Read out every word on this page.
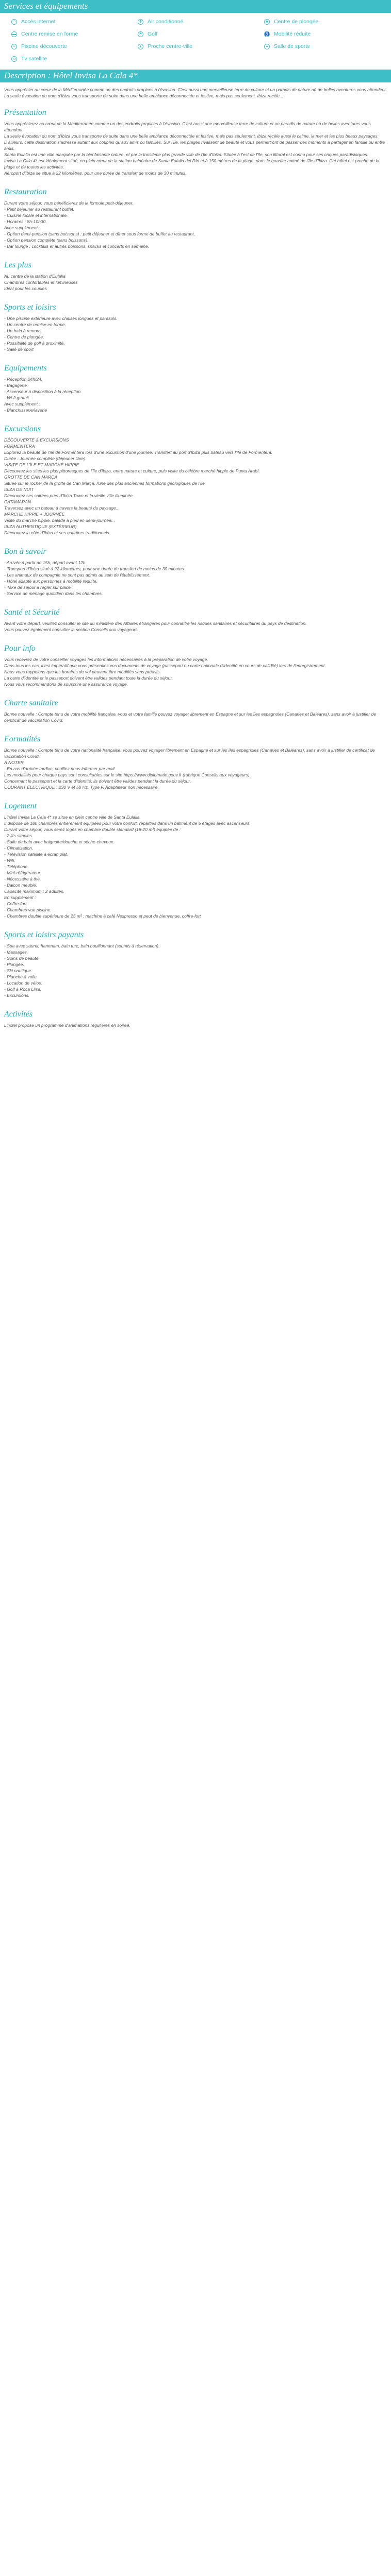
Services et équipements
◠ Accès internet	✻ Air conditionné	◉ Centre de plongée
▬ Centre remise en forme	⚑ Golf	♿ Mobilité réduite
≈	Piscine découverte	▲ Proche centre-ville	●	Salle de sports
▭ Tv satellite
Description : Hôtel Invisa La Cala 4*

Vous apprécier au cœur de la Méditerranée comme un des endroits propices à l'évasion. C'est aussi une merveilleuse terre de culture et un paradis de nature où de belles aventures vous attendent. La seule évocation du nom d'Ibiza vous transporte de suite dans une belle ambiance déconnectée et festive, mais pas seulement. Ibiza recèle...

Présentation

Vous apprécierez au cœur de la Méditerranée comme un des endroits propices à l'évasion. C'est aussi une merveilleuse terre de culture et un paradis de nature où de belles aventures vous attendent.

La seule évocation du nom d'Ibiza vous transporte de suite dans une belle ambiance déconnectée et festive, mais pas seulement. Ibiza recèle aussi le calme, la mer et les plus beaux paysages. D'ailleurs, cette destination s'adresse autant aux couples qu'aux amis ou familles. Sur l'île, les plages rivalisent de beauté et vous permettront de passer des moments à partager en famille ou entre amis.

Santa Eulalia est une ville marquée par la bienfaisante nature, et par la troisième plus grande ville de l'île d'Ibiza. Située à l'est de l'île, son littoral est connu pour ses criques paradisiaques.

Invisa La Cala 4* est idéalement situé, en plein cœur de la station balnéaire de Santa Eulalia del Río et à 150 mètres de la plage, dans le quartier animé de l'île d'Ibiza. Cet hôtel est proche de la plage et de toutes les activités.

Aéroport d'Ibiza se situe à 22 kilomètres, pour une durée de transfert de moins de 30 minutes.

Restauration

Durant votre séjour, vous bénéficierez de la formule petit-déjeuner.

- Petit déjeuner au restaurant buffet.

- Cuisine locale et internationale.

- Horaires : 8h-10h30.

Avec supplément :

- Option demi-pension (sans boissons) : petit déjeuner et dîner sous forme de buffet au restaurant.

- Option pension complète (sans boissons).

- Bar lounge : cocktails et autres boissons, snacks et concerts en semaine.

Les plus

Au centre de la station d'Eulalia

Chambres confortables et lumineuses

Idéal pour les couples

Sports et loisirs

- Une piscine extérieure avec chaises longues et parasols.

- Un centre de remise en forme.

- Un bain à remous.

- Centre de plongée.

- Possibilité de golf à proximité.

- Salle de sport

Equipements

- Réception 24h/24.

- Bagagerie.

- Ascenseur à disposition à la réception.

- Wi-fi gratuit.

Avec supplément :

- Blanchisserie/laverie

Excursions

DÉCOUVERTE & EXCURSIONS

FORMENTERA

Explorez la beauté de l'île de Formentera lors d'une excursion d'une journée. Transfert au port d'Ibiza puis bateau vers l'île de Formentera.

Durée : Journée complète (déjeuner libre).

VISITE DE L'ÎLE ET MARCHÉ HIPPIE

Découvrez les sites les plus pittoresques de l'île d'Ibiza, entre nature et culture, puis visite du célèbre marché hippie de Punta Arabí.

GROTTE DE CAN MARÇÀ

Située sur le rocher de la grotte de Can Marçà, l'une des plus anciennes formations géologiques de l'île.

IBIZA DE NUIT

Découvrez ses soirées près d'Ibiza Town et la vieille ville illuminée.

CATAMARAN

Traversez avec un bateau à travers la beauté du paysage...

MARCHE HIPPIE + JOURNÉE

Visite du marché hippie, balade à pied en demi-journée...

IBIZA AUTHENTIQUE (EXTÉRIEUR)

Découvrez la côte d'Ibiza et ses quartiers traditionnels.

Bon à savoir

- Arrivée à partir de 15h, départ avant 12h.

- Transport d'Ibiza situé à 22 kilomètres, pour une durée de transfert de moins de 30 minutes.

- Les animaux de compagnie ne sont pas admis au sein de l'établissement.

- Hôtel adapté aux personnes à mobilité réduite.

- Taxe de séjour à régler sur place.

- Service de ménage quotidien dans les chambres.

Santé et Sécurité

Avant votre départ, veuillez consulter le site du ministère des Affaires étrangères pour connaître les risques sanitaires et sécuritaires du pays de destination.

Vous pouvez également consulter la section Conseils aux voyageurs.

Pour info

Vous recevrez de votre conseiller voyages les informations nécessaires à la préparation de votre voyage.

Dans tous les cas, il est impératif que vous présentiez vos documents de voyage (passeport ou carte nationale d'identité en cours de validité) lors de l'enregistrement.

Nous vous rappelons que les horaires de vol peuvent être modifiés sans préavis.

La carte d'identité et le passeport doivent être valides pendant toute la durée du séjour.

Nous vous recommandons de souscrire une assurance voyage.

Charte sanitaire

Bonne nouvelle : Compte tenu de votre mobilité française, vous et votre famille pouvez voyager librement en Espagne et sur les îles espagnoles (Canaries et Baléares), sans avoir à justifier de certificat de vaccination Covid.

Formalités

Bonne nouvelle : Compte tenu de votre nationalité française, vous pouvez voyager librement en Espagne et sur les îles espagnoles (Canaries et Baléares), sans avoir à justifier de certificat de vaccination Covid.

À NOTER

- En cas d'arrivée tardive, veuillez nous informer par mail.

Les modalités pour chaque pays sont consultables sur le site https://www.diplomatie.gouv.fr (rubrique Conseils aux voyageurs).

Concernant le passeport et la carte d'identité, ils doivent être valides pendant la durée du séjour.

COURANT ÉLECTRIQUE : 230 V et 50 Hz. Type F. Adaptateur non nécessaire.

Logement

L'hôtel Invisa La Cala 4* se situe en plein centre ville de Santa Eulalia.

Il dispose de 180 chambres entièrement équipées pour votre confort, réparties dans un bâtiment de 5 étages avec ascenseurs.

Durant votre séjour, vous serez logés en chambre double standard (18-20 m²) équipée de :

- 2 lits simples.

- Salle de bain avec baignoire/douche et sèche-cheveux.

- Climatisation.

- Télévision satellite à écran plat.

- Wifi.

- Téléphone.

- Mini-réfrigérateur.

- Nécessaire à thé.

- Balcon meublé.

Capacité maximum : 2 adultes.

En supplément :

- Coffre-fort.

- Chambres vue piscine.

- Chambres double supérieure de 25 m² : machine à café Nespresso et peut de bienvenue, coffre-fort

Sports et loisirs payants

- Spa avec sauna, hammam, bain turc, bain bouillonnant (soumis à réservation).

- Massages.

- Soins de beauté.

- Plongée.

- Ski nautique.

- Planche à voile.

- Location de vélos.

- Golf à Roca Llisa.

- Excursions.

Activités

L'hôtel propose un programme d'animations régulières en soirée.
